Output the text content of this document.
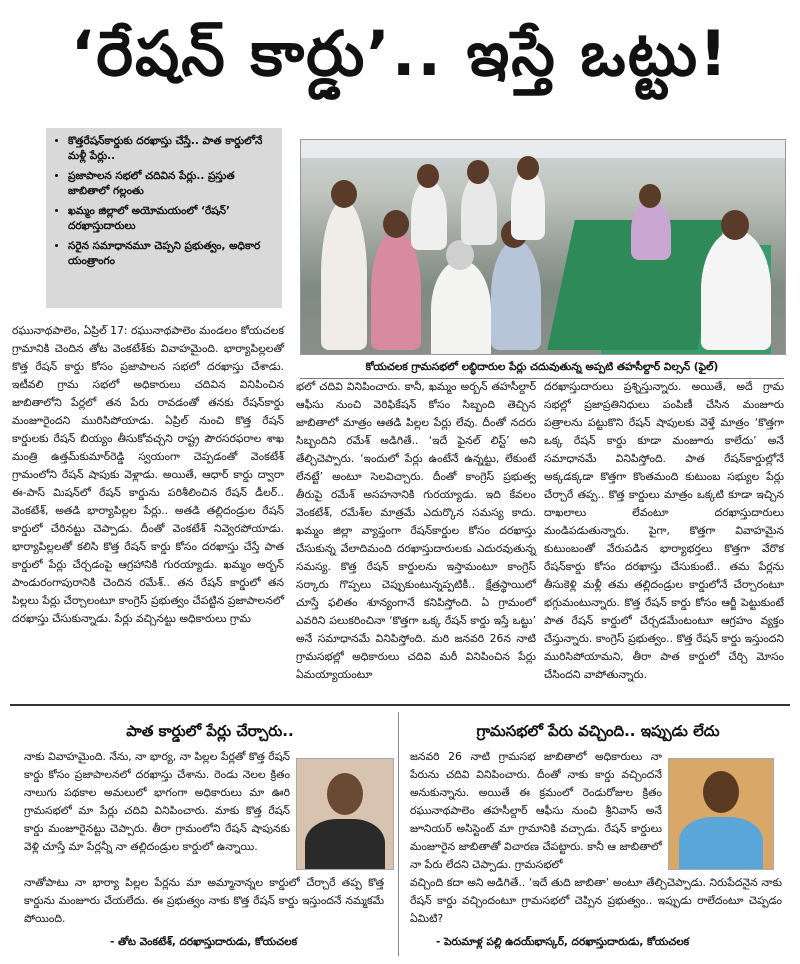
‘రేషన్ కార్డు’.. ఇస్తే ఒట్టు!
• కొత్తరేషన్‌కార్డుకు దరఖాస్తు చేస్తే.. పాత కార్డులోనే మళ్లీ పేర్లు..
• ప్రజాపాలన సభలో చదివిన పేర్లు.. ప్రస్తుత జాబితాలో గల్లంతు
• ఖమ్మం జిల్లాలో అయోమయంలో ‘రేషన్’ దరఖాస్తుదారులు
• సరైన సమాధానమూ చెప్పని ప్రభుత్వం, అధికార యంత్రాంగం
కోయచలక గ్రామసభలో లబ్ధిదారుల పేర్లు చదువుతున్న అప్పటి తహసీల్దార్ విల్సన్ (ఫైల్)
రఘునాథపాలెం, ఏప్రిల్ 17: రఘునాథపాలెం మండలం కోయచలక గ్రామానికి చెందిన తోట వెంకటేశ్‌కు వివాహమైంది. భార్యాపిల్లలతో కొత్త రేషన్ కార్డు కోసం ప్రజాపాలన సభలో దరఖాస్తు చేశాడు. ఇటీవలి గ్రామ సభలో అధికారులు చదివిన వినిపించిన జాబితాలోని పేర్లలో తన పేరు రావడంతో తనకు రేషన్‌కార్డు మంజూరైందని మురిసిపోయాడు. ఏప్రిల్ నుంచి కొత్త రేషన్ కార్డులకు రేషన్ బియ్యం తీసుకోవచ్చని రాష్ట్ర పౌరసరఫరాల శాఖ మంత్రి ఉత్తమ్‌కుమార్‌రెడ్డి స్వయంగా చెప్పడంతో వెంకటేశ్ గ్రామంలోని రేషన్ షాపుకు వెళ్లాడు. అయితే, ఆధార్ కార్డు ద్వారా ఈ-పాస్ మిషన్‌లో రేషన్ కార్డును పరిశీలించిన రేషన్ డీలర్.. వెంకటేశ్, అతడి భార్యాపిల్లల పేర్లు.. అతడి తల్లిదండ్రుల రేషన్ కార్డులో చేరినట్టు చెప్పాడు. దీంతో వెంకటేశ్ నివ్వెరపోయాడు. భార్యాపిల్లలతో కలిసి కొత్త రేషన్ కార్డు కోసం దరఖాస్తు చేస్తే పాత కార్డులో పేర్లు చేర్చడంపై ఆగ్రహానికి గురయ్యాడు. ఖమ్మం అర్బన్ పాండురంగాపురానికి చెందిన రమేశ్.. తన రేషన్ కార్డులో తన పిల్లలు పేర్లు చేర్చాలంటూ కాంగ్రెస్ ప్రభుత్వం చేపట్టిన ప్రజాపాలనలో దరఖాస్తు చేసుకున్నాడు. పేర్లు వచ్చినట్టు అధికారులు గ్రామ
భలో చదివి వినిపించారు. కానీ, ఖమ్మం అర్బన్ తహసీల్దార్ ఆఫీసు నుంచి వెరిఫికేషన్ కోసం సిబ్బంది తెచ్చిన జాబితాలో మాత్రం ఆతడి పిల్లల పేర్లు లేవు. దీంతో నదరు సిబ్బందిని రమేశ్ అడిగితే.. ‘ఇదే ఫైనల్ లిస్ట్’ అని తేల్చిచెప్పారు. ‘ఇందులో పేర్లు ఉంటేనే ఉన్నట్టు, లేకుంటే లేనట్టే’ అంటూ సెలవిచ్చారు. దీంతో కాంగ్రెస్ ప్రభుత్వ తీరుపై రమేశ్ అసహనానికి గురయ్యాడు. ఇది కేవలం వెంకటేశ్, రమేశ్‌ల మాత్రమే ఎదుర్కొన సమస్య కాదు. ఖమ్మం జిల్లా వ్యాప్తంగా రేషన్‌కార్డుల కోసం దరఖాస్తు చేసుకున్న వేలాదిమంది దరఖాస్తుదారులకు ఎదురవుతున్న సమస్య. కొత్త రేషన్ కార్డులను ఇస్తామంటూ కాంగ్రెస్ సర్కారు గొప్పలు చెప్పుకుంటున్నప్పటికీ.. క్షేత్రస్థాయిలో చూస్తే ఫలితం శూన్యంగానే కనిపిస్తోంది. ఏ గ్రామంలో ఎవరిని పలుకరించినా ‘కొత్తగా ఒక్క రేషన్ కార్డు ఇస్తే ఒట్టు’ అనే సమాధానమే వినిపిస్తోంది. మరి జనవరి 26న నాటి గ్రామసభల్లో అధికారులు చదివి మరీ వినిపించిన పేర్లు ఏమయ్యాయంటూ
దరఖాస్తుదారులు ప్రశ్నిస్తున్నారు. అయితే, అదే గ్రామ సభల్లో ప్రజాప్రతినిధులు పంపిణీ చేసిన మంజూరు పత్రాలను పట్టుకొని రేషన్ షాపులకు వెళ్తే మాత్రం ‘కొత్తగా ఒక్క రేషన్ కార్డు కూడా మంజూరు కాలేదు’ అనే సమాధానమే వినిపిస్తోంది. పాత రేషన్‌కార్డుల్లోనే అక్కడక్కడా కొత్తగా కొంతమంది కుటుంబ సభ్యుల పేర్లు చేర్చారే తప్ప.. కొత్త కార్డులు మాత్రం ఒక్కటి కూడా ఇచ్చిన దాఖలాలు లేవంటూ దరఖాస్తుదారులు మండిపడుతున్నారు. పైగా, కొత్తగా వివాహమైన కుటుంబంతో వేరుపడిన భార్యాభర్తలు కొత్తగా వేరొక రేషన్‌కార్డు కోసం దరఖాస్తు చేసుకుంటే.. తమ పేర్లను తీసుకెళ్లి మళ్లీ తమ తల్లిదండ్రుల కార్డులోనే చేర్చారంటూ భగ్గుమంటున్నారు. కొత్త రేషన్ కార్డు కోసం ఆర్జీ పెట్టుకుంటే పాత రేషన్ కార్డులో చేర్చడమేంటంటూ ఆగ్రహం వ్యక్తం చేస్తున్నారు. కాంగ్రెస్ ప్రభుత్వం.. కొత్త రేషన్ కార్డు ఇస్తుందని మురిసిపోయామని, తీరా పాత కార్డులో చేర్చి మోసం చేసిందని వాపోతున్నారు.
పాత కార్డులో పేర్లు చేర్చారు..
నాకు వివాహమైంది. నేను, నా భార్య, నా పిల్లల పేర్లతో కొత్త రేషన్ కార్డు కోసం ప్రజాపాలనలో దరఖాస్తు చేశాను. రెండు నెలల క్రితం నాలుగు పథకాల అమలులో భాగంగా అధికారులు మా ఊరి గ్రామసభలో మా పేర్లు చదివి వినిపించారు. మాకు కొత్త రేషన్ కార్డు మంజూరైనట్టు చెప్పారు. తీరా గ్రామంలోని రేషన్ షాపునకు వెళ్లి చూస్తే మా పేర్లన్నీ నా తల్లిదండ్రుల కార్డులో ఉన్నాయి.
నాతోపాటు నా భార్యా పిల్లల పేర్లను మా అమ్మానాన్నల కార్డులో చేర్చారే తప్ప కొత్త కార్డును మంజూరు చేయలేదు. ఈ ప్రభుత్వం నాకు కొత్త రేషన్ కార్డు ఇస్తుందనే నమ్మకమే పోయింది.
- తోట వెంకటేశ్, దరఖాస్తుదారుడు, కోయచలక
గ్రామసభలో పేరు వచ్చింది.. ఇప్పుడు లేదు
జనవరి 26 నాటి గ్రామసభ జాబితాలో అధికారులు నా పేరును చదివి వినిపించారు. దీంతో నాకు కార్డు వచ్చిందనే అనుకున్నాను. అయితే ఈ క్రమంలో రెండురోజుల క్రితం రఘునాథపాలెం తహసీల్దార్ ఆఫీసు నుంచి శ్రీనివాస్ అనే జూనియర్ అసిస్టెంట్ మా గ్రామానికి వచ్చాడు. రేషన్ కార్డులు మంజూరైన జాబితాతో విచారణ చేపట్టారు. కానీ ఆ జాబితాలో నా పేరు లేదని చెప్పాడు. గ్రామసభలో
వచ్చింది కదా అని అడిగితే.. ‘ఇదే తుది జాబితా’ అంటూ తేల్చిచెప్పాడు. నిరుపేదనైన నాకు రేషన్ కార్డు వచ్చిందంటూ గ్రామసభలో చెప్పిన ప్రభుత్వం.. ఇప్పుడు రాలేదంటూ చెప్పడం ఏమిటి?
- పెరుమాళ్ల పల్లి ఉదయ్‌భాస్కర్, దరఖాస్తుదారుడు, కోయచలక
